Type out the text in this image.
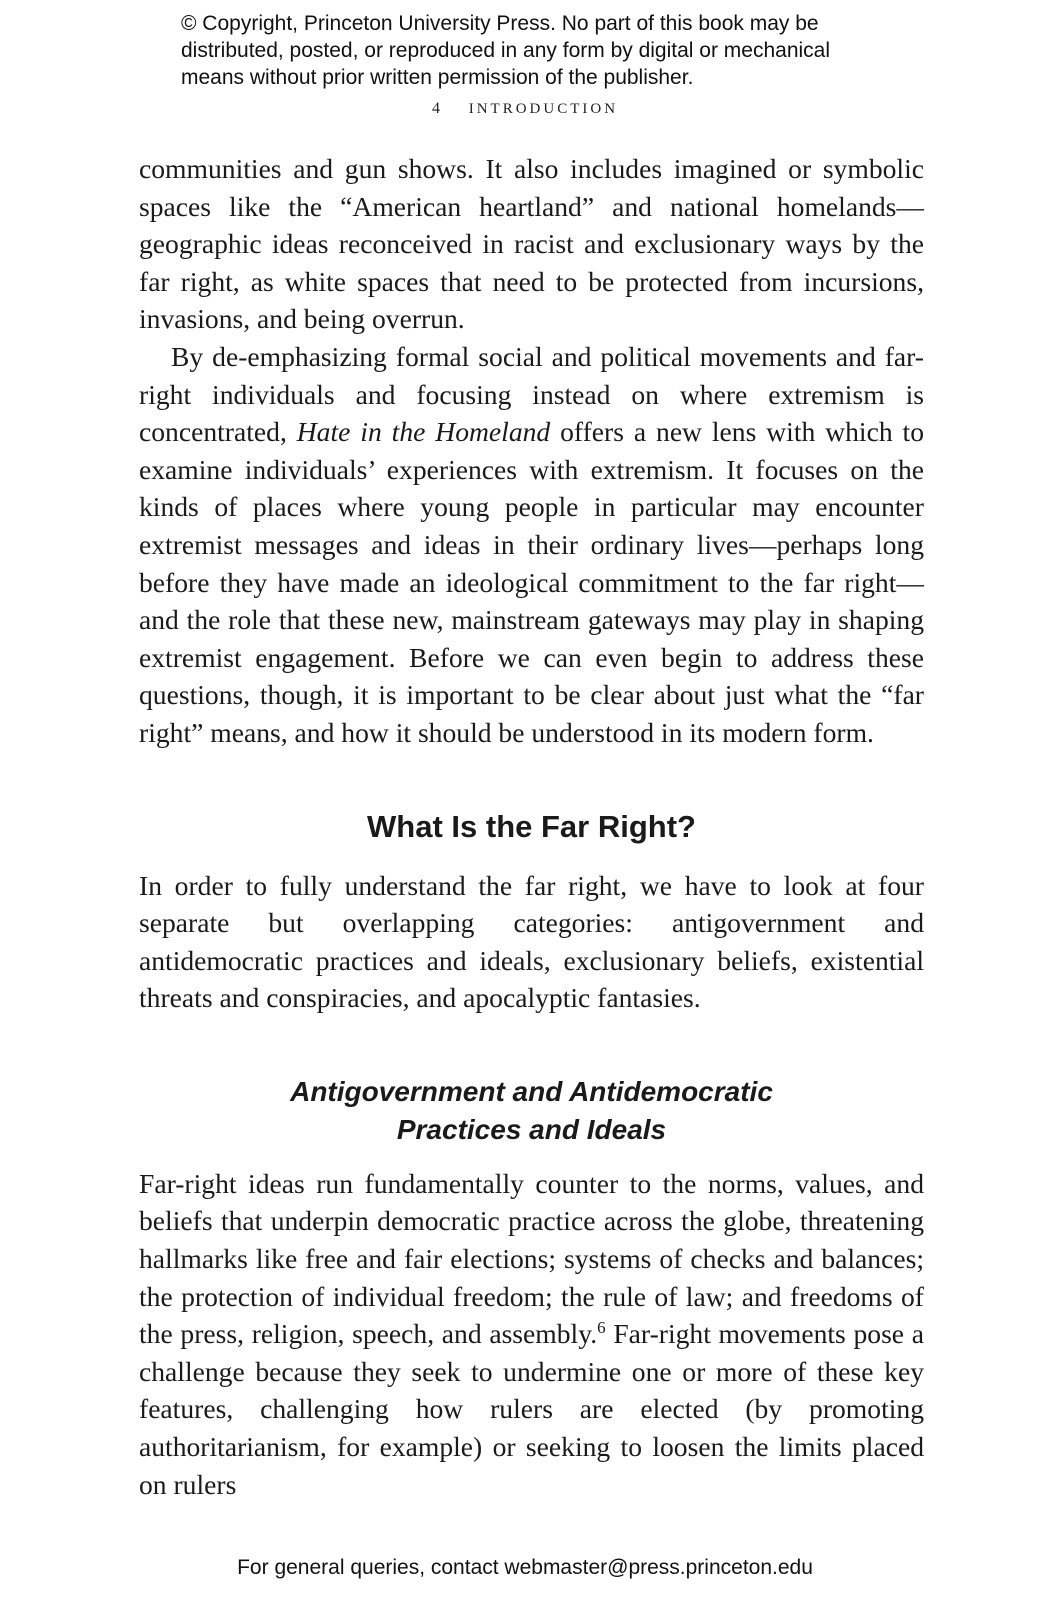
© Copyright, Princeton University Press. No part of this book may be

distributed, posted, or reproduced in any form by digital or mechanical

means without prior written permission of the publisher.

4 INTRODUCTION

communities and gun shows. It also includes imagined or symbolic spaces like the “American heartland” and national homelands—geographic ideas reconceived in racist and exclusionary ways by the far right, as white spaces that need to be protected from incursions, invasions, and being overrun.

By de-emphasizing formal social and political movements and far-right individuals and focusing instead on where extremism is concentrated, Hate in the Homeland offers a new lens with which to examine individuals’ experiences with extremism. It focuses on the kinds of places where young people in particular may encounter extremist messages and ideas in their ordinary lives—perhaps long before they have made an ideological commitment to the far right—and the role that these new, mainstream gateways may play in shaping extremist engagement. Before we can even begin to address these questions, though, it is important to be clear about just what the “far right” means, and how it should be understood in its modern form.

What Is the Far Right?

In order to fully understand the far right, we have to look at four separate but overlapping categories: antigovernment and antidemocratic practices and ideals, exclusionary beliefs, existential threats and conspiracies, and apocalyptic fantasies.

Antigovernment and Antidemocratic
Practices and Ideals

Far-right ideas run fundamentally counter to the norms, values, and beliefs that underpin democratic practice across the globe, threatening hallmarks like free and fair elections; systems of checks and balances; the protection of individual freedom; the rule of law; and freedoms of the press, religion, speech, and assembly.$^6$ Far-right movements pose a challenge because they seek to undermine one or more of these key features, challenging how rulers are elected (by promoting authoritarianism, for example) or seeking to loosen the limits placed on rulers

For general queries, contact webmaster@press.princeton.edu
